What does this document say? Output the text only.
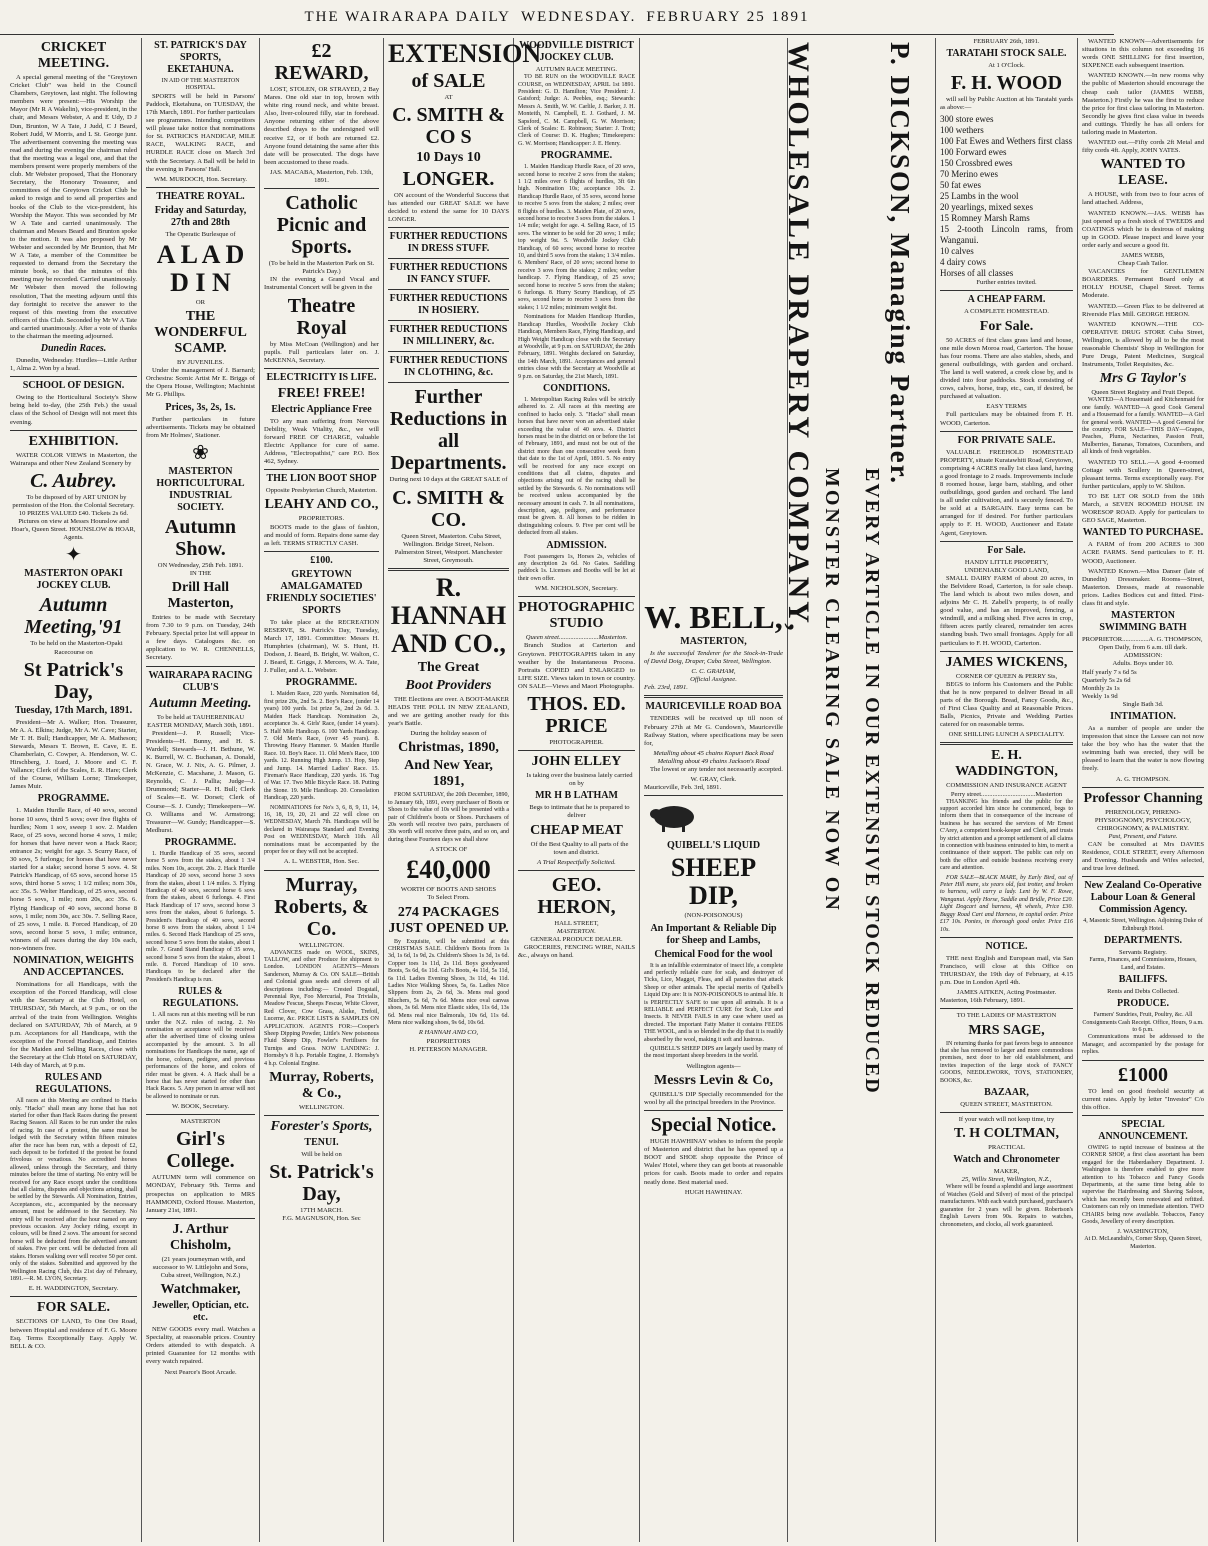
THE WAIRARAPA DAILY WEDNESDAY. FEBRUARY 25 1891
CRICKET MEETING.

A special general meeting of the "Greytown Cricket Club" was held in the Council Chambers, Greytown, last night. The following members were present:—His Worship the Mayor (Mr R A Wakelin), vice-president, in the chair, and Messrs Webster, A and E Udy, D J Dun, Brunton, W A Tate, J Judd, C J Beard, Robert Judd, W Morris, and L St. George junr. The advertisement convening the meeting was read and during the evening the chairman ruled that the meeting was a legal one, and that the members present were properly members of the club. Mr Webster proposed, That the Honorary Secretary, the Honorary Treasurer, and committees of the Greytown Cricket Club be asked to resign and to send all properties and books of the Club to the vice-president, his Worship the Mayor. This was seconded by Mr W A Tate and carried unanimously. The chairman and Messrs Beard and Brunton spoke to the motion. It was also proposed by Mr Webster and seconded by Mr Brunton, that Mr W A Tate, a member of the Committee be requested to demand from the Secretary the minute book, so that the minutes of this meeting may be recorded. Carried unanimously. Mr Webster then moved the following resolution, That the meeting adjourn until this day fortnight to receive the answer to the request of this meeting from the executive officers of this Club. Seconded by Mr W A Tate and carried unanimously. After a vote of thanks to the chairman the meeting adjourned.

Dunedin Races.

Dunedin, Wednesday. Hurdles—Little Arthur 1, Alma 2. Won by a head.

SCHOOL OF DESIGN.

Owing to the Horticultural Society's Show being held to-day, (the 25th Feb.) the usual class of the School of Design will not meet this evening.

EXHIBITION.

WATER COLOR VIEWS in Masterton, the Wairarapa and other New Zealand Scenery by

C. Aubrey.

To be disposed of by ART UNION by permission of the Hon. the Colonial Secretary. 10 PRIZES VALUED £40. Tickets 2s 6d. Pictures on view at Messrs Hounslow and Hoar's, Queen Street. HOUNSLOW & HOAR, Agents.

✦
MASTERTON OPAKI JOCKEY CLUB.
Autumn Meeting,'91

To be held on the Masterton-Opaki Racecourse on

St Patrick's Day,
Tuesday, 17th March, 1891.

President—Mr A. Walker; Hon. Treasurer, Mr A. A. Elkins; Judge, Mr A. W. Cave; Starter, Mr T. H. Bull; Handicapper, Mr A. Matheson; Stewards, Messrs T. Brown, E. Cave, E. E. Chamberlain, C. Cowper, A. Henderson, W. C. Hirschberg, J. Izard, J. Moore and C. F. Vallance; Clerk of the Scales, E. R. Hare; Clerk of the Course, William Lorne; Timekeeper, James Muir.

PROGRAMME.

1. Maiden Hurdle Race, of 40 sovs, second horse 10 sovs, third 5 sovs; over five flights of hurdles; Nom 1 sov, sweep 1 sov. 2. Maiden Race, of 25 sovs, second horse 4 sovs, 1 mile; for horses that have never won a Hack Race; entrance 2s; weight for age. 3. Scurry Race, of 30 sovs, 5 furlongs; for horses that have never started for a stake; second horse 5 sovs. 4. St Patrick's Handicap, of 65 sovs, second horse 15 sovs, third horse 5 sovs; 1 1/2 miles; nom 30s, acc 35s. 5. Welter Handicap, of 25 sovs, second horse 5 sovs, 1 mile; nom 20s, acc 35s. 6. Flying Handicap of 40 sovs, second horse 8 sovs, 1 mile; nom 30s, acc 30s. 7. Selling Race, of 25 sovs, 1 mile. 8. Forced Handicap, of 20 sovs, second horse 5 sovs, 1 mile; entrance, winners of all races during the day 10s each, non-winners free.

NOMINATION, WEIGHTS AND ACCEPTANCES.

Nominations for all Handicaps, with the exception of the Forced Handicap, will close with the Secretary at the Club Hotel, on THURSDAY, 5th March, at 9 p.m., or on the arrival of the train from Wellington. Weights declared on SATURDAY, 7th of March, at 9 p.m. Acceptances for all Handicaps, with the exception of the Forced Handicap, and Entries for the Maiden and Selling Races, close with the Secretary at the Club Hotel on SATURDAY, 14th day of March, at 9 p.m.

RULES AND REGULATIONS.

All races at this Meeting are confined to Hacks only. "Hacks" shall mean any horse that has not started for other than Hack Races during the present Racing Season. All Races to be run under the rules of racing. In case of a protest, the same must be lodged with the Secretary within fifteen minutes after the race has been run, with a deposit of £2, such deposit to be forfeited if the protest be found frivolous or vexatious. No accredited horses allowed, unless through the Secretary, and thirty minutes before the time of starting. No entry will be received for any Race except under the conditions that all claims, disputes and objections arising, shall be settled by the Stewards. All Nomination, Entries, Acceptances, etc., accompanied by the necessary amount, must be addressed to the Secretary. No entry will be received after the hour named on any previous occasion. Any Jockey riding, except in colours, will be fined 2 sovs. The amount for second horse will be deducted from the advertised amount of stakes. Five per cent. will be deducted from all stakes. Horses walking over will receive 50 per cent. only of the stakes. Submitted and approved by the Wellington Racing Club, this 21st day of February, 1891.—R. M. LYON, Secretary.

E. H. WADDINGTON, Secretary.
FOR SALE.

SECTIONS OF LAND, To One Ore Road, between Hospital and residence of F. G. Moore Esq. Terms Exceptionally Easy. Apply W. BELL & CO.

ST. PATRICK'S DAY SPORTS, EKETAHUNA.
IN AID OF THE MASTERTON HOSPITAL.

SPORTS will be held in Parsons' Paddock, Eketahuna, on TUESDAY, the 17th March, 1891. For further particulars see programmes. Intending competitors will please take notice that nominations for St. PATRICK'S HANDICAP, MILE RACE, WALKING RACE, and HURDLE RACE close on March 3rd with the Secretary. A Ball will be held in the evening in Parsons' Hall.

WM. MURDOCH, Hon. Secretary.
THEATRE ROYAL.
Friday and Saturday, 27th and 28th
The Operatic Burlesque of
A L A D D I N
OR
THE WONDERFUL SCAMP.
BY JUVENILES.

Under the management of J. Barnard; Orchestra: Scenic Artist Mr E. Briggs of the Opera House, Wellington; Machinist Mr G. Phillips.

Prices, 3s, 2s, 1s.

Further particulars in future advertisements. Tickets may be obtained from Mr Holmes', Stationer.

❀
MASTERTON HORTICULTURAL INDUSTRIAL SOCIETY.
Autumn Show.
ON Wednesday, 25th Feb. 1891.
IN THE
Drill Hall Masterton,

Entries to be made with Secretary from 7.30 to 9 p.m. on Tuesday, 24th February. Special prize list will appear in a few days. Catalogues &c. on application to W. R. CHENNELLS, Secretary.

WAIRARAPA RACING CLUB'S
Autumn Meeting.
To be held at TAUHERENIKAU
EASTER MONDAY, March 30th, 1891.

President—J. P. Russell; Vice-Presidents—H. Bunny, and H. S. Wardell; Stewards—J. H. Bethune, W. K. Burrell, W. C. Buchanan, A. Donald, N. Grace, W. J. Nix, A. G. Pilmer, J. McKenzie, C. Macshane, J. Mason, G. Reynolds, C. J. Pallia; Judge—J. Drummond; Starter—R. H. Bull; Clerk of Scales—E. W. Dorset; Clerk of Course—S. J. Cundy; Timekeepers—W. O. Williams and W. Armstrong; Treasurer—W. Gundy; Handicapper—S. Medhurst.

PROGRAMME.

1. Hurdle Handicap of 35 sovs, second horse 5 sovs from the stakes, about 1 3/4 miles. Nom 10s, accept. 20s. 2. Hack Hurdle Handicap of 20 sovs, second horse 3 sovs from the stakes, about 1 1/4 miles. 3. Flying Handicap of 40 sovs, second horse 6 sovs from the stakes, about 6 furlongs. 4. First Hack Handicap of 17 sovs, second horse 3 sovs from the stakes, about 6 furlongs. 5. President's Handicap of 40 sovs, second horse 8 sovs from the stakes, about 1 1/4 miles. 6. Second Hack Handicap of 25 sovs, second horse 5 sovs from the stakes, about 1 mile. 7. Grand Stand Handicap of 35 sovs, second horse 5 sovs from the stakes, about 1 mile. 8. Forced Handicap of 10 sovs. Handicaps to be declared after the President's Handicap is run.

RULES & REGULATIONS.

1. All races run at this meeting will be run under the N.Z. rules of racing. 2. No nomination or acceptance will be received after the advertised time of closing unless accompanied by the amount. 3. In all nominations for Handicaps the name, age of the horse, colours, pedigree, and previous performances of the horse, and colors of rider must be given. 4. A Hack shall be a horse that has never started for other than Hack Races. 5. Any person in arrear will not be allowed to nominate or run.

W. BOOK, Secretary.
MASTERTON
Girl's College.

AUTUMN term will commence on MONDAY, February 9th. Terms and prospectus on application to MRS HAMMOND, Oxford House. Masterton, January 21st, 1891.

J. Arthur Chisholm,

(21 years journeyman with, and successor to W. Littlejohn and Sons, Cuba street, Wellington, N.Z.)

Watchmaker,
Jeweller, Optician, etc. etc.

NEW GOODS every mail. Watches a Speciality, at reasonable prices. Country Orders attended to with despatch. A printed Guarantee for 12 months with every watch repaired.

Next Pearce's Boot Arcade.
£2 REWARD,

LOST, STOLEN, OR STRAYED, 2 Bay Mares. One old star in top, brown with white ring round neck, and white breast. Also, liver-coloured filly, star in forehead. Anyone returning either of the above described drays to the undersigned will receive £2, or if both are returned £2. Anyone found detaining the same after this date will be prosecuted. The dogs have been accustomed to these roads.

JAS. MACABA, Masterton, Feb. 13th, 1891.
Catholic Picnic and Sports.
(To be held in the Masterton Park on St. Patrick's Day.)

IN the evening a Grand Vocal and Instrumental Concert will be given in the

Theatre Royal

by Miss McCoan (Wellington) and her pupils. Full particulars later on. J. McKENNA, Secretary.

ELECTRICITY IS LIFE.
FREE! FREE!
Electric Appliance Free

TO any man suffering from Nervous Debility, Weak Vitality, &c., we will forward FREE OF CHARGE, valuable Electric Appliance for cure of same. Address, "Electropathist," care P.O. Box 462, Sydney.

THE LION BOOT SHOP
Opposite Presbyterian Church, Masterton.
LEAHY AND CO.,
PROPRIETORS.

BOOTS made to the glass of fashion, and mould of form. Repairs done same day as left. TERMS STRICTLY CASH.

£100.
GREYTOWN AMALGAMATED FRIENDLY SOCIETIES' SPORTS

To take place at the RECREATION RESERVE, St. Patrick's Day, Tuesday, March 17, 1891. Committee: Messrs H. Humphries (chairman), W. S. Hunt, H. Dodson, J. Beard, B. Bright, W. Walton, C. J. Beard, E. Griggs, J. Mercers, W. A. Tate, J. Fuller, and A. L. Webster.

PROGRAMME.

1. Maiden Race, 220 yards. Nomination 6d, first prize 20s, 2nd 5s. 2. Boy's Race, (under 14 years) 100 yards. 1st prize 5s, 2nd 2s 6d. 3. Maiden Hack Handicap. Nomination 2s, acceptance 3s. 4. Girls' Race, (under 14 years). 5. Half Mile Handicap. 6. 100 Yards Handicap. 7. Old Men's Race, (over 45 years). 8. Throwing Heavy Hammer. 9. Maiden Hurdle Race. 10. Boy's Race. 11. Old Men's Race, 100 yards. 12. Running High Jump. 13. Hop, Step and Jump. 14. Married Ladies' Race. 15. Fireman's Race Handicap, 220 yards. 16. Tug of War. 17. Two Mile Bicycle Race. 18. Putting the Stone. 19. Mile Handicap. 20. Consolation Handicap, 220 yards.

NOMINATIONS for No's 3, 6, 8, 9, 11, 14, 16, 18, 19, 20, 21 and 22 will close on WEDNESDAY, March 7th. Handicaps will be declared in Wairarapa Standard and Evening Post on WEDNESDAY, March 11th. All nominations must be accompanied by the proper fee or they will not be accepted.

A. L. WEBSTER, Hon. Sec.
Murray, Roberts, & Co.
WELLINGTON.

ADVANCES made on WOOL, SKINS, TALLOW, and other Produce for shipment to London. LONDON AGENTS—Messrs Sanderson, Murray & Co. ON SALE—British and Colonial grass seeds and clovers of all descriptions including:— Crested Dogstail, Perennial Rye, Foo Mercurial, Poa Trivialis, Meadow Fescue, Sheeps Fescue, White Clover, Red Clover, Cow Grass, Alsike, Trefoil, Lucerne, &c. PRICE LISTS & SAMPLES ON APPLICATION. AGENTS FOR:—Cooper's Sheep Dipping Powder, Little's New poisonous Fluid Sheep Dip, Fowler's Fertilisers for Turnips and Grass. NOW LANDING: J. Hornsby's 8 h.p. Portable Engine, J. Hornsby's 4 h.p. Colonial Engine.

Murray, Roberts, & Co.,
WELLINGTON.
Forester's Sports,
TENUI.
Will be held on
St. Patrick's Day,
17TH MARCH.
F.G. MAGNUSON, Hon. Sec
EXTENSION
of SALE
AT
C. SMITH & CO S
10 Days 10
LONGER.

ON account of the Wonderful Success that has attended our GREAT SALE we have decided to extend the same for 10 DAYS LONGER.

FURTHER REDUCTIONS IN DRESS STUFF.
FURTHER REDUCTIONS IN FANCY STUFF.
FURTHER REDUCTIONS IN HOSIERY.
FURTHER REDUCTIONS IN MILLINERY, &c.
FURTHER REDUCTIONS IN CLOTHING, &c.
Further Reductions in all Departments.
During next 10 days at the GREAT SALE of
C. SMITH & CO.

Queen Street, Masterton. Cuba Street, Wellington. Bridge Street, Nelson. Palmerston Street, Westport. Manchester Street, Greymouth.

R. HANNAH AND CO.,
The Great
Boot Providers

THE Elections are over. A BOOT-MAKER HEADS THE POLL IN NEW ZEALAND, and we are getting another ready for this year's Battle.

During the holiday season of
Christmas, 1890,
And New Year, 1891,

FROM SATURDAY, the 20th December, 1890, to January 6th, 1891, every purchaser of Boots or Shoes to the value of 10s will be presented with a pair of Children's boots or Shoes. Purchasers of 20s worth will receive two pairs, purchasers of 30s worth will receive three pairs, and so on, and during these Fourteen days we shall show

A STOCK OF
£40,000
WORTH OF BOOTS AND SHOES
To Select From.
274 PACKAGES JUST OPENED UP.

By Exquisite, will be submitted at this CHRISTMAS SALE. Children's Boots from 1s 3d, 1s 6d, 1s 9d, 2s. Children's Shoes 1s 3d, 1s 6d. Copper toes 1s 11d, 2s 11d. Boys goodyeared Boots, 5s 6d, 6s 11d. Girl's Boots, 4s 11d, 5s 11d, 6s 11d. Ladies Evening Shoes, 3s 11d, 4s 11d. Ladies Nice Walking Shoes, 5s, 6s. Ladies Nice Slippers from 2s, 2s 6d, 3s. Mens real good Bluchers, 5s 6d, 7s 6d. Mens nice oval canvas shoes, 3s 6d. Mens nice Elastic sides, 11s 6d, 13s 6d. Mens real nice Balmorals, 10s 6d, 11s 6d. Mens nice walking shoes, 9s 6d, 10s 6d.

R HANNAH AND CO,
PROPRIETORS
H. PETERSON MANAGER.
WOODVILLE DISTRICT JOCKEY CLUB.
AUTUMN RACE MEETING.

TO BE RUN on the WOODVILLE RACE COURSE, on WEDNESDAY, APRIL 1st 1891. President: G. D. Hamilton; Vice President: J. Gaisford; Judge: A. Peebles, esq.; Stewards: Messrs A. Smith, W. W. Carlile, J. Barker, J. H. Monteith, N. Campbell, E. J. Gothard, J. M. Sapsford, C. M. Campbell, G. W. Morrison; Clerk of Scales: E. Robinson; Starter: J. Trott; Clerk of Course: D. K. Hughes; Timekeepers: G. W. Morrison; Handicapper: J. E. Henry.

PROGRAMME.

1. Maiden Handicap Hurdle Race, of 20 sovs, second horse to receive 2 sovs from the stakes; 1 1/2 miles over 6 flights of hurdles, 3ft 6in high. Nomination 10s; acceptance 10s. 2. Handicap Hurdle Race, of 35 sovs, second horse to receive 5 sovs from the stakes; 2 miles; over 8 flights of hurdles. 3. Maiden Plate, of 20 sovs, second horse to receive 3 sovs from the stakes. 1 1/4 mile; weight for age. 4. Selling Race, of 15 sovs. The winner to be sold for 20 sovs; 1 mile; top weight 9st. 5. Woodville Jockey Club Handicap, of 60 sovs; second horse to receive 10, and third 5 sovs from the stakes; 1 3/4 miles. 6. Members' Race, of 20 sovs; second horse to receive 3 sovs from the stakes; 2 miles; welter handicap. 7. Flying Handicap, of 25 sovs; second horse to receive 5 sovs from the stakes; 6 furlongs. 8. Hurry Scurry Handicap, of 25 sovs, second horse to receive 3 sovs from the stakes; 1 1/2 miles; minimum weight 8st.

Nominations for Maiden Handicap Hurdles, Handicap Hurdles, Woodville Jockey Club Handicap, Members Race, Flying Handicap, and High Weight Handicap close with the Secretary at Woodville, at 9 p.m. on SATURDAY, the 28th February, 1891. Weights declared on Saturday, the 14th March, 1891. Acceptances and general entries close with the Secretary at Woodville at 9 p.m. on Saturday, the 21st March, 1891.

CONDITIONS.

1. Metropolitan Racing Rules will be strictly adhered to. 2. All races at this meeting are confined to hacks only. 3. "Hacks" shall mean horses that have never won an advertised stake exceeding the value of 40 sovs. 4. District horses must be in the district on or before the 1st of February, 1891, and must not be out of the district more than one consecutive week from that date to the 1st of April, 1891. 5. No entry will be received for any race except on conditions that all claims, disputes and objections arising out of the racing shall be settled by the Stewards. 6. No nominations will be received unless accompanied by the necessary amount in cash. 7. In all nominations, description, age, pedigree, and performance must be given. 8. All horses to be ridden in distinguishing colours. 9. Five per cent will be deducted from all stakes.

ADMISSION.

Foot passengers 1s, Horses 2s, vehicles of any description 2s 6d. No Gates. Saddling paddock 1s. Licenses and Booths will be let at their own offer.

WM. NICHOLSON, Secretary.
PHOTOGRAPHIC STUDIO
Queen street........................Masterton.

Branch Studios at Carterton and Greytown. PHOTOGRAPHS taken in any weather by the Instantaneous Process. Portraits COPIED and ENLARGED to LIFE SIZE. Views taken in town or country. ON SALE—Views and Maori Photographs.

THOS. ED. PRICE
PHOTOGRAPHER.
JOHN ELLEY

Is taking over the business lately carried on by

MR H B LATHAM

Begs to intimate that he is prepared to deliver

CHEAP MEAT

Of the Best Quality to all parts of the town and district.

A Trial Respectfully Solicited.
GEO. HERON,
HALL STREET,
MASTERTON.
GENERAL PRODUCE DEALER.

GROCERIES, FENCING WIRE, NAILS &c., always on hand.

W. BELL,
MASTERTON,

Is the successful Tenderer for the Stock-in-Trade of David Doig, Draper, Cuba Street, Wellington.

C. C. GRAHAM,
Official Assignee.
Feb. 23rd, 1891.
MAURICEVILLE ROAD BOA

TENDERS will be received up till noon of February 27th at Mr G. Cundown's, Mauriceville Railway Station, where specifications may be seen for,

Metalling about 45 chains Kopuri Back Road
Metalling about 49 chains Jackson's Road

The lowest or any tender not necessarily accepted.

W. GRAY, Clerk.
Mauriceville, Feb. 3rd, 1891.
QUIBELL'S LIQUID
SHEEP DIP,
(NON-POISONOUS)
An Important & Reliable Dip for Sheep and Lambs,
Chemical Food for the wool

It is an infallible exterminator of insect life, a complete and perfectly reliable cure for scab, and destroyer of Ticks, Lice, Maggot, Fleas, and all parasites that attack Sheep or other animals. The special merits of Quibell's Liquid Dip are: It is NON-POISONOUS to animal life. It is PERFECTLY SAFE to use upon all animals. It is a RELIABLE and PERFECT CURE for Scab, Lice and Insects. It NEVER FAILS in any case where used as directed. The important Fatty Matter it contains FEEDS THE WOOL, and is so blended in the dip that it is readily absorbed by the wool, making it soft and lustrous.

QUIBELL'S SHEEP DIPS are largely used by many of the most important sheep breeders in the world.

Wellington agents—
Messrs Levin & Co,

QUIBELL'S DIP Specially recommended for the wool by all the principal breeders in the Province.

Special Notice.

HUGH HAWHINAY wishes to inform the people of Masterton and district that he has opened up a BOOT and SHOE shop opposite the Prince of Wales' Hotel, where they can get boots at reasonable prices for cash. Boots made to order and repairs neatly done. Best material used.

HUGH HAWHINAY.
WHOLESALE DRAPERY COMPANY,
MONSTER CLEARING SALE NOW ON EVERY ARTICLE IN OUR EXTENSIVE STOCK REDUCED
P. DICKSON, Managing Partner.
FEBRUARY 26th, 1891.
TARATAHI STOCK SALE.
At 1 O'Clock.
F. H. WOOD

will sell by Public Auction at his Taratahi yards as above:—

300 store ewes
100 wethers
100 Fat Ewes and Wethers first class
100 Forward ewes
150 Crossbred ewes
70 Merino ewes
50 fat ewes
25 Lambs in the wool
20 yearlings, mixed sexes
15 Romney Marsh Rams
15 2-tooth Lincoln rams, from Wanganui.
10 calves
4 dairy cows
Horses of all classes
Further entries invited.
A CHEAP FARM.
A COMPLETE HOMESTEAD.
For Sale.

50 ACRES of first class grass land and house, one mile down Moroa road, Carterton. The house has four rooms. There are also stables, sheds, and general outbuildings, with garden and orchard. The land is well watered, a creek close by, and is divided into four paddocks. Stock consisting of cows, calves, horse, trap, etc., can, if desired, be purchased at valuation.

EASY TERMS

Full particulars may be obtained from F. H. WOOD, Carterton.

FOR PRIVATE SALE.

VALUABLE FREEHOLD HOMESTEAD PROPERTY, situate Kuratawhiti Road, Greytown, comprising 4 ACRES really 1st class land, having a good frontage to 2 roads. Improvements include 8 roomed house, large barn, stabling, and other outbuildings, good garden and orchard. The land is all under cultivation, and is securely fenced. To be sold at a BARGAIN. Easy terms can be arranged for if desired. For further particulars apply to F. H. WOOD, Auctioneer and Estate Agent, Greytown.

For Sale.
HANDY LITTLE PROPERTY,
UNDENIABLY GOOD LAND,

SMALL DAIRY FARM of about 20 acres, in the Belvidere Road, Carterton, is for sale cheap. The land which is about two miles down, and adjoins Mr C. H. Zabell's property, is of really good value, and has an improved, fencing, a windmill, and a milking shed. Five acres in crop, fifteen acres partly cleared, remainder ten acres standing bush. Two small frontages. Apply for all particulars to F. H. WOOD, Carterton.

JAMES WICKENS,
CORNER OF QUEEN & PERRY Sts,

BEGS to inform his Customers and the Public that he is now prepared to deliver Bread in all parts of the Borough. Bread, Fancy Goods, &c., of First Class Quality and at Reasonable Prices. Balls, Picnics, Private and Wedding Parties catered for on reasonable terms.

ONE SHILLING LUNCH A SPECIALITY.
E. H. WADDINGTON,
COMMISSION AND INSURANCE AGENT
Perry street.................................Masterton

THANKING his friends and the public for the support accorded him since he commenced, begs to inform them that in consequence of the increase of business he has secured the services of Mr Ernest C'Arey, a competent book-keeper and Clerk, and trusts by strict attention and a prompt settlement of all claims in connection with business entrusted to him, to merit a continuance of their support. The public can rely on both the office and outside business receiving every care and attention.

FOR SALE—BLACK MARE, by Early Bird, out of Peter Hill mare, six years old, fast trotter, and broken to harness, will carry a lady. Lent by W. F. Rowe, Wanganui. Apply Horse, Saddle and Bridle, Price £20. Light Dogcart and harness, 4ft wheels, Price £30. Buggy Road Cart and Harness, in capital order. Price £17 10s. Ponies, in thorough good order. Price £16 10s.

NOTICE.

THE next English and European mail, via San Francisco, will close at this Office on THURSDAY, the 19th day of February, at 4.15 p.m. Due in London April 4th.

JAMES AITKEN, Acting Postmaster.
Masterton, 16th February, 1891.
TO THE LADIES OF MASTERTON
MRS SAGE,

IN returning thanks for past favors begs to announce that she has removed to larger and more commodious premises, next door to her old establishment, and invites inspection of the large stock of FANCY GOODS, NEEDLEWORK, TOYS, STATIONERY, BOOKS, &c.

BAZAAR,
QUEEN STREET, MASTERTON.
If your watch will not keep time, try
T. H COLTMAN,
PRACTICAL
Watch and Chronometer
MAKER,
25, Willis Street, Wellington, N.Z.,

Where will be found a splendid and large assortment of Watches (Gold and Silver) of most of the principal manufacturers. With each watch purchased, purchaser's guarantee for 2 years will be given. Robertson's English Levers from 90s. Repairs to watches, chronometers, and clocks, all work guaranteed.

WANTED KNOWN—Advertisements for situations in this column not exceeding 16 words ONE SHILLING for first insertion, SIXPENCE each subsequent insertion.

WANTED KNOWN.—In new rooms why the public of Masterton should encourage the cheap cash tailor (JAMES WEBB, Masterton.) Firstly he was the first to reduce the price for first class tailoring in Masterton. Secondly he gives first class value in tweeds and cuttings. Thirdly he has all orders for tailoring made in Masterton.

WANTED out.—Fifty cords 2ft Metal and fifty cords 4ft. Apply, JOHN YATES.

WANTED TO LEASE.

A HOUSE, with from two to four acres of land attached. Address,

WANTED KNOWN.—JAS. WEBB has just opened up a fresh stock of TWEEDS and COATINGS which he is desirous of making up in GOOD. Please inspect and leave your order early and secure a good fit.

JAMES WEBB,
Cheap Cash Tailor.

VACANCIES for GENTLEMEN BOARDERS. Permanent Board only at HOLLY HOUSE, Chapel Street. Terms Moderate.

WANTED.—Green Flax to be delivered at Riverside Flax Mill. GEORGE HERON.

WANTED KNOWN.—THE CO-OPERATIVE DRUG STORE Cuba Street, Wellington, is allowed by all to be the most reasonable Chemists' Shop in Wellington for Pure Drugs, Patent Medicines, Surgical Instruments, Toilet Requisites, &c.

Mrs G Taylor's
Queen Street Registry and Fruit Depot.

WANTED—A Housemaid and Kitchenmaid for one family. WANTED—A good Cook General and a Housemaid for a family. WANTED—A Girl for general work. WANTED—A good General for the country. FOR SALE—THIS DAY—Grapes, Peaches, Plums, Nectarines, Passion Fruit, Mulberries, Bananas, Tomatoes, Cucumbers, and all kinds of fresh vegetables.

WANTED TO SELL.—A good 4-roomed Cottage with Scullery in Queen-street, pleasant terms. Terms exceptionally easy. For further particulars, apply to W. Shilton.

TO BE LET OR SOLD from the 18th March, a SEVEN ROOMED HOUSE IN WORESOP ROAD. Apply for particulars to GEO SAGE, Masterton.

WANTED TO PURCHASE.

A FARM of from 200 ACRES to 300 ACRE FARMS. Send particulars to F. H. WOOD, Auctioneer.

WANTED Known.—Miss Danser (late of Dunedin) Dressmaker. Rooms—Street, Masterton. Dresses, made at reasonable prices. Ladies Bodices cut and fitted. First-class fit and style.

MASTERTON SWIMMING BATH
PROPRIETOR................A. G. THOMPSON,
Open Daily, from 6 a.m. till dark.
ADMISSION:
Adults. Boys under 10.
Half yearly 7 s 6d 5s
Quarterly 5s 2s 6d
Monthly 2s 1s
Weekly 1s 9d
Single Bath 3d.
INTIMATION.

As a number of people are under the impression that since the Lessee can not now take the boy who has the water that the swimming bath was erected, they will be pleased to learn that the water is now flowing freely.

A. G. THOMPSON.
Professor Channing
PHRENOLOGY, PHRENO-PHYSIOGNOMY, PSYCHOLOGY, CHIROGNOMY, & PALMISTRY.
Past, Present, and Future.

CAN be consulted at Mrs DAVIES Residence, COLE STREET, every Afternoon and Evening. Husbands and Wifes selected, and true love defined.

New Zealand Co-Operative Labour Loan & General Commission Agency.
4, Masonic Street, Wellington. Adjoining Duke of Edinburgh Hotel.
DEPARTMENTS.
Servants Registry.
Farms, Finances, and Commissions, Houses, Land, and Estates.
BAILIFFS.
Rents and Debts Collected.
PRODUCE.
Farmers' Sundries, Fruit, Poultry, &c. All Consignments Cash Receipt. Office, Hours, 9 a.m. to 6 p.m.

Communications must be addressed to the Manager, and accompanied by the postage for replies.

£1000

TO lend on good freehold security at current rates. Apply by letter "Investor" C/o this office.

SPECIAL ANNOUNCEMENT.

OWING to rapid increase of business at the CORNER SHOP, a first class assortant has been engaged for the Haberdashery Department. J. Washington is therefore enabled to give more attention to his Tobacco and Fancy Goods Departments, at the same time being able to supervise the Hairdressing and Shaving Saloon, which has recently been renovated and refitted. Customers can rely on immediate attention. TWO CHAIRS being now available. Tobaccos, Fancy Goods, Jewellery of every description.

J. WASHINGTON,
At D. McLeandish's, Corner Shop, Queen Street, Masterton.
